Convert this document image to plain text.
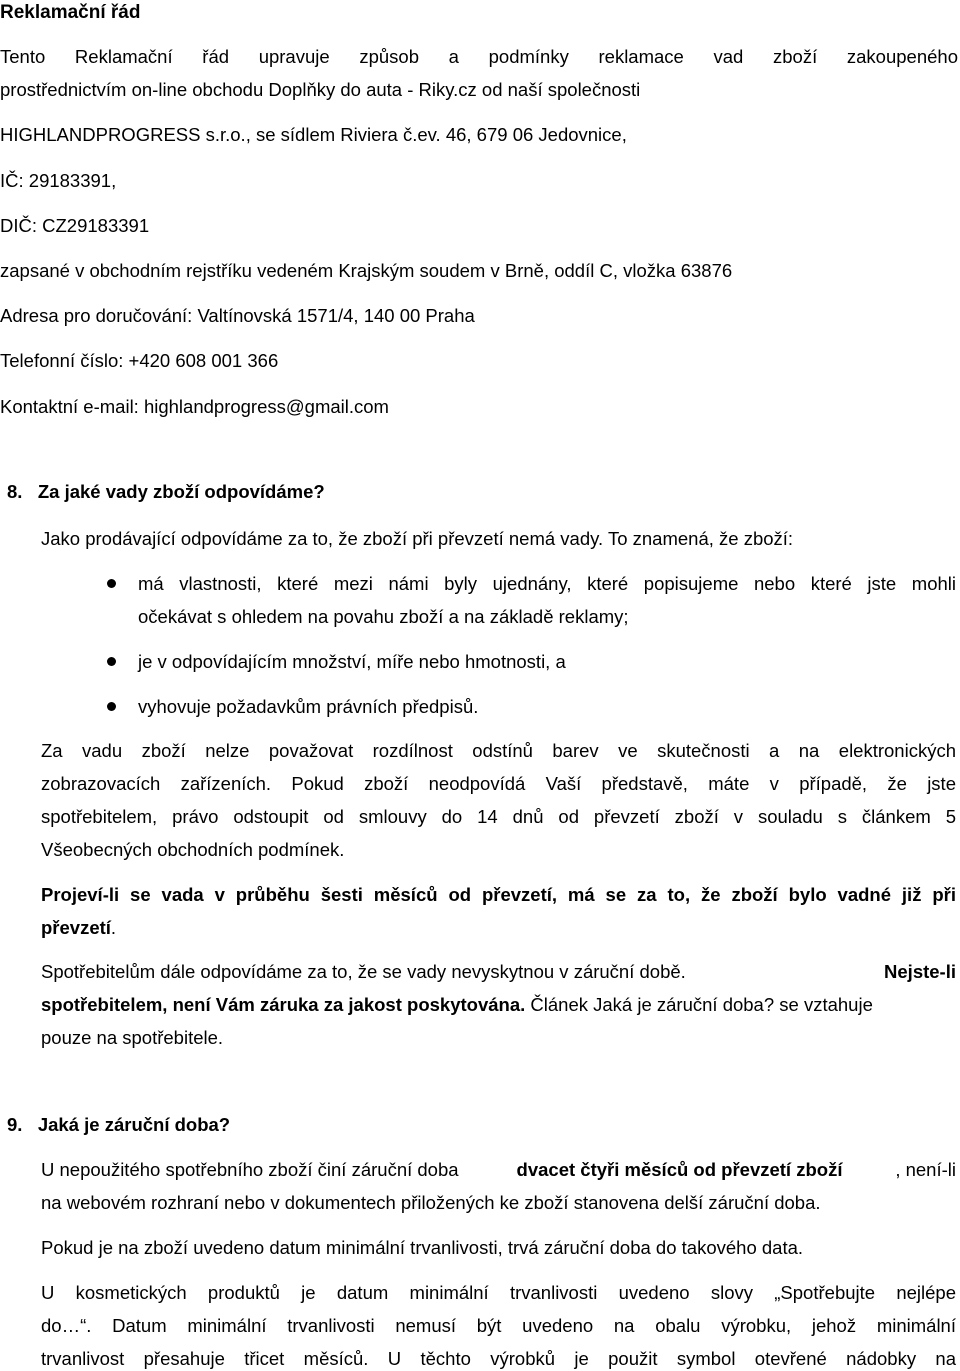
Reklamační řád
Tento Reklamační řád upravuje způsob a podmínky reklamace vad zboží zakoupeného
prostřednictvím on-line obchodu Doplňky do auta - Riky.cz od naší společnosti
HIGHLANDPROGRESS s.r.o., se sídlem Riviera č.ev. 46, 679 06 Jedovnice,
IČ: 29183391,
DIČ: CZ29183391
zapsané v obchodním rejstříku vedeném Krajským soudem v Brně, oddíl C, vložka 63876
Adresa pro doručování: Valtínovská 1571/4, 140 00 Praha
Telefonní číslo: +420 608 001 366
Kontaktní e-mail: highlandprogress@gmail.com
8.   Za jaké vady zboží odpovídáme?
Jako prodávající odpovídáme za to, že zboží při převzetí nemá vady. To znamená, že zboží:
má vlastnosti, které mezi námi byly ujednány, které popisujeme nebo které jste mohli
očekávat s ohledem na povahu zboží a na základě reklamy;
je v odpovídajícím množství, míře nebo hmotnosti, a
vyhovuje požadavkům právních předpisů.
Za vadu zboží nelze považovat rozdílnost odstínů barev ve skutečnosti a na elektronických
zobrazovacích zařízeních. Pokud zboží neodpovídá Vaší představě, máte v případě, že jste
spotřebitelem, právo odstoupit od smlouvy do 14 dnů od převzetí zboží v souladu s článkem 5
Všeobecných obchodních podmínek.
Projeví-li se vada v průběhu šesti měsíců od převzetí, má se za to, že zboží bylo vadné již při
převzetí.
Spotřebitelům dále odpovídáme za to, že se vady nevyskytnou v záruční době.	Nejste-li
spotřebitelem, není Vám záruka za jakost poskytována. Článek Jaká je záruční doba? se vztahuje
pouze na spotřebitele.
9.   Jaká je záruční doba?
U nepoužitého spotřebního zboží činí záruční doba	dvacet čtyři měsíců od převzetí zboží	, není-li
na webovém rozhraní nebo v dokumentech přiložených ke zboží stanovena delší záruční doba.
Pokud je na zboží uvedeno datum minimální trvanlivosti, trvá záruční doba do takového data.
U kosmetických produktů je datum minimální trvanlivosti uvedeno slovy „Spotřebujte nejlépe
do…“. Datum minimální trvanlivosti nemusí být uvedeno na obalu výrobku, jehož minimální
trvanlivost přesahuje třicet měsíců. U těchto výrobků je použit symbol otevřené nádobky na
